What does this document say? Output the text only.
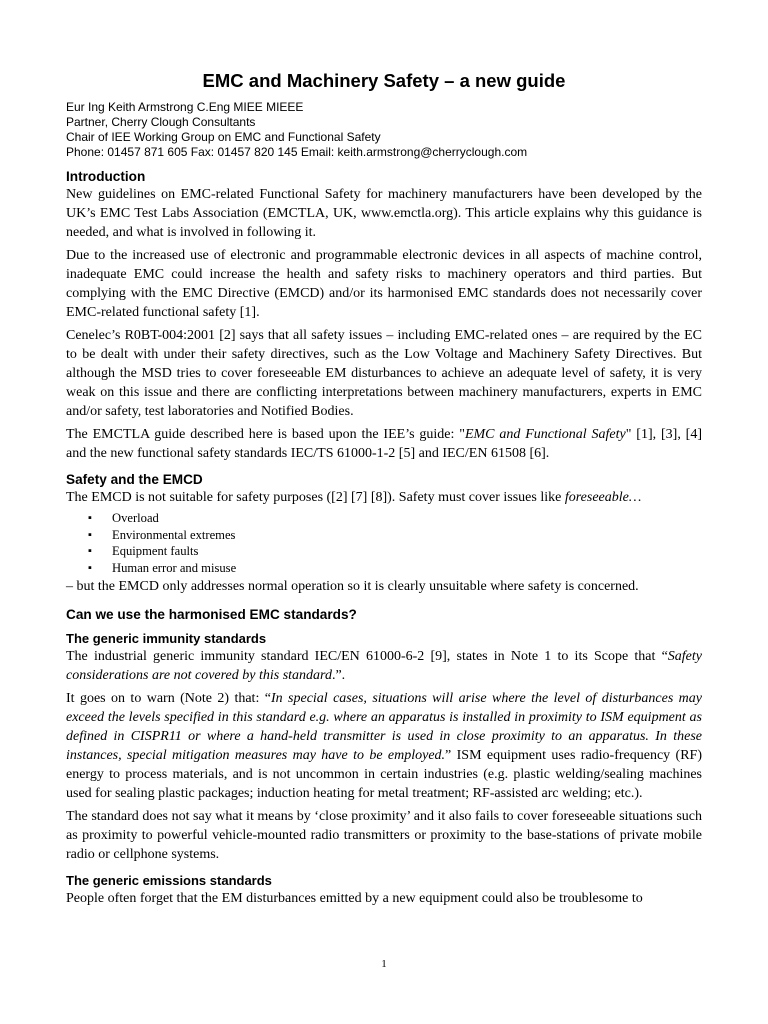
EMC and Machinery Safety – a new guide
Eur Ing Keith Armstrong C.Eng MIEE MIEEE
Partner, Cherry Clough Consultants
Chair of IEE Working Group on EMC and Functional Safety
Phone: 01457 871 605 Fax: 01457 820 145 Email: keith.armstrong@cherryclough.com
Introduction

New guidelines on EMC-related Functional Safety for machinery manufacturers have been developed by the UK’s EMC Test Labs Association (EMCTLA, UK, www.emctla.org). This article explains why this guidance is needed, and what is involved in following it.

Due to the increased use of electronic and programmable electronic devices in all aspects of machine control, inadequate EMC could increase the health and safety risks to machinery operators and third parties. But complying with the EMC Directive (EMCD) and/or its harmonised EMC standards does not necessarily cover EMC-related functional safety [1].

Cenelec’s R0BT-004:2001 [2] says that all safety issues – including EMC-related ones – are required by the EC to be dealt with under their safety directives, such as the Low Voltage and Machinery Safety Directives. But although the MSD tries to cover foreseeable EM disturbances to achieve an adequate level of safety, it is very weak on this issue and there are conflicting interpretations between machinery manufacturers, experts in EMC and/or safety, test laboratories and Notified Bodies.

The EMCTLA guide described here is based upon the IEE’s guide: "EMC and Functional Safety" [1], [3], [4] and the new functional safety standards IEC/TS 61000-1-2 [5] and IEC/EN 61508 [6].

Safety and the EMCD

The EMCD is not suitable for safety purposes ([2] [7] [8]). Safety must cover issues like foreseeable…

▪ Overload
▪ Environmental extremes
▪ Equipment faults
▪ Human error and misuse

– but the EMCD only addresses normal operation so it is clearly unsuitable where safety is concerned.

Can we use the harmonised EMC standards?
The generic immunity standards

The industrial generic immunity standard IEC/EN 61000-6-2 [9], states in Note 1 to its Scope that “Safety considerations are not covered by this standard.”.

It goes on to warn (Note 2) that: “In special cases, situations will arise where the level of disturbances may exceed the levels specified in this standard e.g. where an apparatus is installed in proximity to ISM equipment as defined in CISPR11 or where a hand-held transmitter is used in close proximity to an apparatus. In these instances, special mitigation measures may have to be employed.” ISM equipment uses radio-frequency (RF) energy to process materials, and is not uncommon in certain industries (e.g. plastic welding/sealing machines used for sealing plastic packages; induction heating for metal treatment; RF-assisted arc welding; etc.).

The standard does not say what it means by ‘close proximity’ and it also fails to cover foreseeable situations such as proximity to powerful vehicle-mounted radio transmitters or proximity to the base-stations of private mobile radio or cellphone systems.

The generic emissions standards

People often forget that the EM disturbances emitted by a new equipment could also be troublesome to

1
